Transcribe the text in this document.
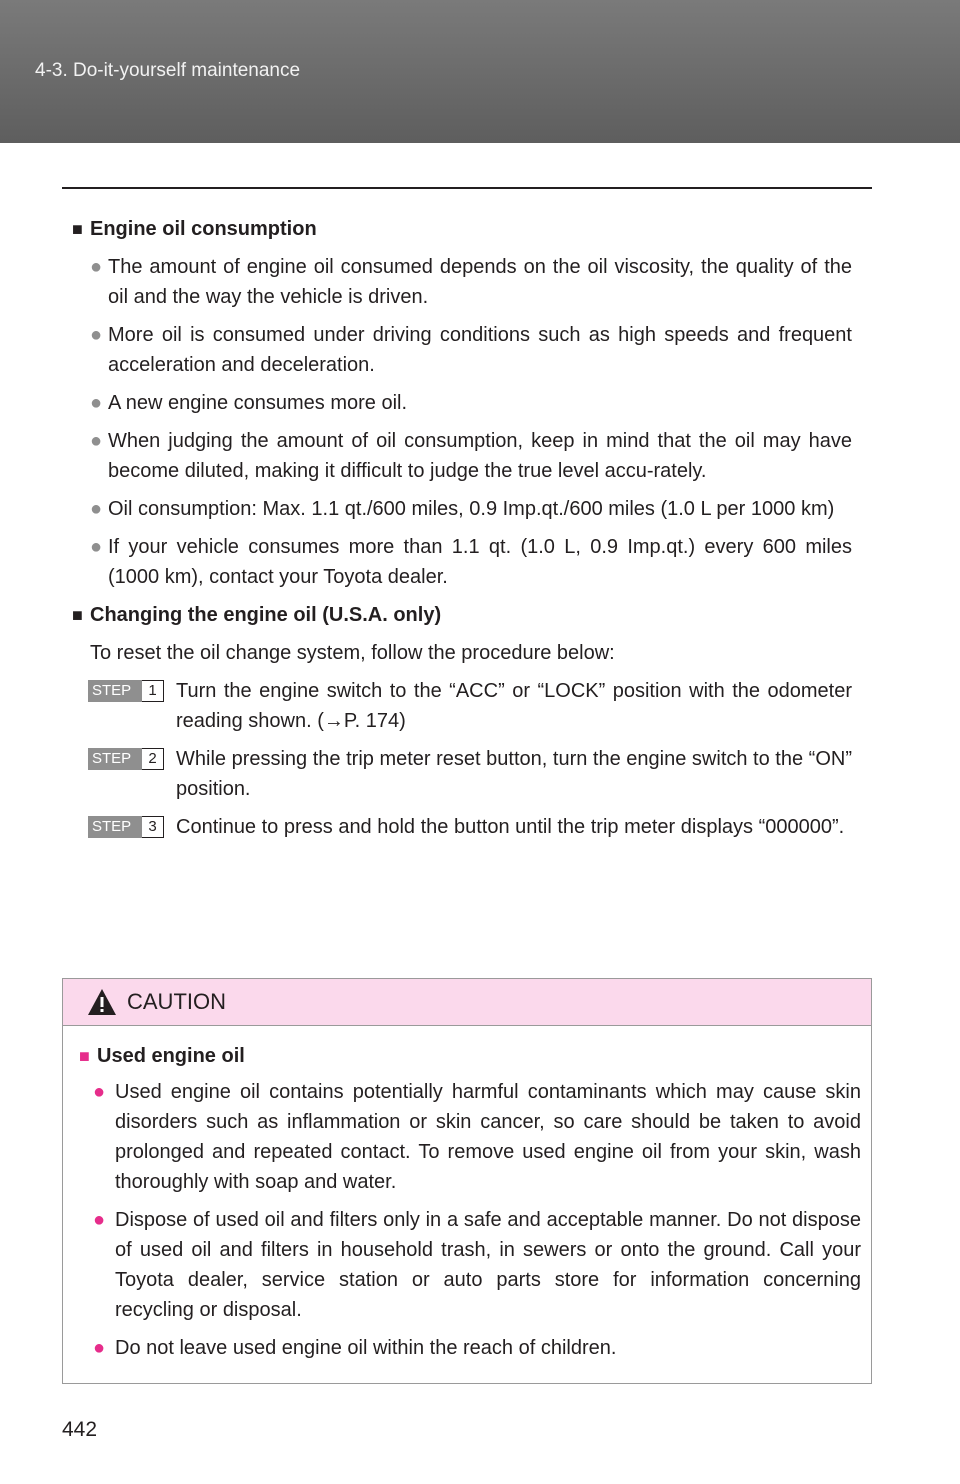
4-3. Do-it-yourself maintenance
■ Engine oil consumption
● The amount of engine oil consumed depends on the oil viscosity, the quality of the oil and the way the vehicle is driven.
● More oil is consumed under driving conditions such as high speeds and frequent acceleration and deceleration.
● A new engine consumes more oil.
● When judging the amount of oil consumption, keep in mind that the oil may have become diluted, making it difficult to judge the true level accu-rately.
● Oil consumption: Max. 1.1 qt./600 miles, 0.9 Imp.qt./600 miles (1.0 L per 1000 km)
● If your vehicle consumes more than 1.1 qt. (1.0 L, 0.9 Imp.qt.) every 600 miles (1000 km), contact your Toyota dealer.
■ Changing the engine oil (U.S.A. only)
To reset the oil change system, follow the procedure below:
STEP	1 Turn the engine switch to the “ACC” or “LOCK” position with the odometer reading shown. (→P. 174)
STEP	2 While pressing the trip meter reset button, turn the engine switch to the “ON” position.
STEP	3 Continue to press and hold the button until the trip meter displays “000000”.
CAUTION
■ Used engine oil
● Used engine oil contains potentially harmful contaminants which may cause skin disorders such as inflammation or skin cancer, so care should be taken to avoid prolonged and repeated contact. To remove used engine oil from your skin, wash thoroughly with soap and water.
● Dispose of used oil and filters only in a safe and acceptable manner. Do not dispose of used oil and filters in household trash, in sewers or onto the ground. Call your Toyota dealer, service station or auto parts store for information concerning recycling or disposal.
● Do not leave used engine oil within the reach of children.
442
